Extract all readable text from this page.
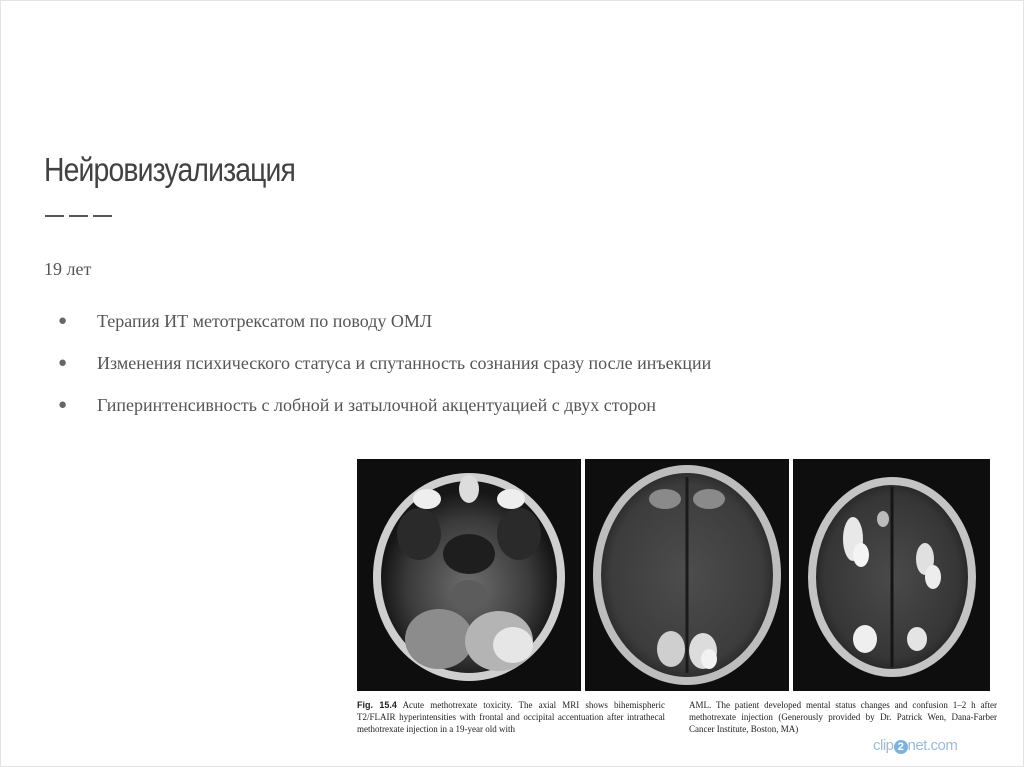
Нейровизуализация
19 лет
● Терапия ИТ метотрексатом по поводу ОМЛ
● Изменения психического статуса и спутанность сознания сразу после инъекции
● Гиперинтенсивность с лобной и затылочной акцентуацией с двух сторон
Fig. 15.4 Acute methotrexate toxicity. The axial MRI shows bihemispheric T2/FLAIR hyperintensities with frontal and occipital accentuation after intrathecal methotrexate injection in a 19-year old with
AML. The patient developed mental status changes and confusion 1–2 h after methotrexate injection (Generously provided by Dr. Patrick Wen, Dana-Farber Cancer Institute, Boston, MA)
clip 2 net.com
